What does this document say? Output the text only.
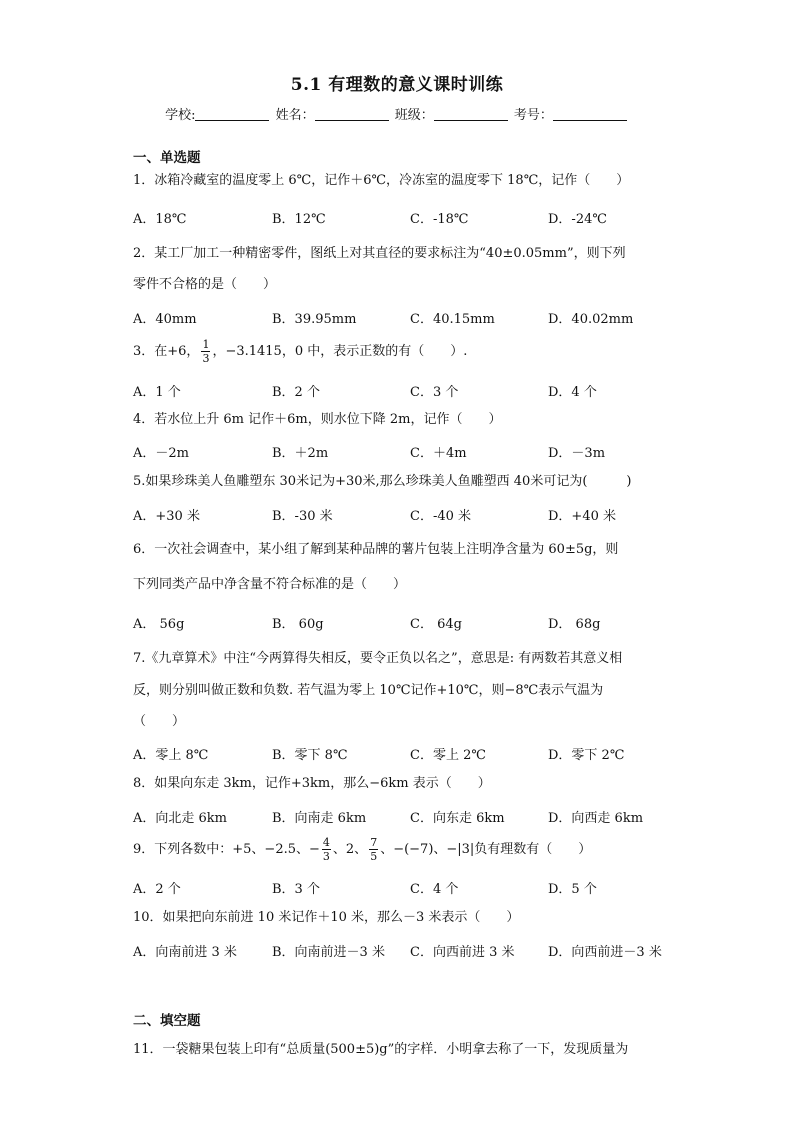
5.1 有理数的意义课时训练
学校:	姓名：	班级：	考号：
一、单选题
1．冰箱冷藏室的温度零上 6℃，记作＋6℃，冷冻室的温度零下 18℃，记作（　　）
A．18℃	B．12℃	C．-18℃	D．-24℃
2．某工厂加工一种精密零件，图纸上对其直径的要求标注为“40±0.05mm”，则下列
零件不合格的是（　　）
A．40mm	B．39.95mm	C．40.15mm	D．40.02mm
3．在+6， $\frac{1}{3}$ ，−3.1415，0 中，表示正数的有（　　）.
A．1 个	B．2 个	C．3 个	D．4 个
4．若水位上升 6m 记作＋6m，则水位下降 2m，记作（　　）
A．－2m	B．＋2m	C．＋4m	D．－3m
5.如果珍珠美人鱼雕塑东 30米记为+30米,那么珍珠美人鱼雕塑西 40米可记为(　　　)
A．+30 米	B．-30 米	C．-40 米	D．+40 米
6．一次社会调查中，某小组了解到某种品牌的薯片包装上注明净含量为 60±5g，则
下列同类产品中净含量不符合标准的是（　　）
A． 56g	B． 60g	C． 64g	D． 68g
7.《九章算术》中注“今两算得失相反，要令正负以名之”，意思是: 有两数若其意义相
反，则分别叫做正数和负数. 若气温为零上 10℃记作+10℃，则−8℃表示气温为
（　　）
A．零上 8℃	B．零下 8℃	C．零上 2℃	D．零下 2℃
8．如果向东走 3km，记作+3km，那么−6km 表示（　　）
A．向北走 6km	B．向南走 6km	C．向东走 6km	D．向西走 6km
9．下列各数中：+5、−2.5、− $\frac{4}{3}$ 、2、 $\frac{7}{5}$ 、−(−7)、−|3|负有理数有（　　）
A．2 个	B．3 个	C．4 个	D．5 个
10．如果把向东前进 10 米记作＋10 米，那么－3 米表示（　　）
A．向南前进 3 米	B．向南前进－3 米 C．向西前进 3 米	D．向西前进－3 米
二、填空题
11．一袋糖果包装上印有“总质量(500±5)g”的字样．小明拿去称了一下，发现质量为
